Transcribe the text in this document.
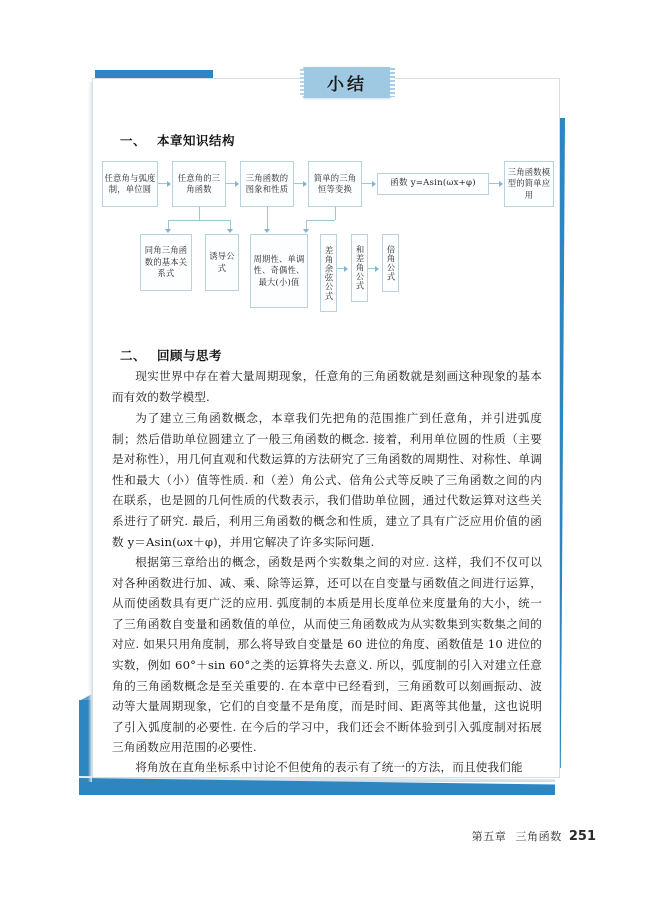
小结
一、 本章知识结构
任意角与弧度制，单位圆
任意角的三角函数
三角函数的图象和性质
简单的三角恒等变换
函数 y=Asin(ωx+φ)
三角函数模型的简单应用
同角三角函数的基本关系式
诱导公式
周期性、单调性、奇偶性、最大(小)值	差角余弦公式	和差角公式	倍角公式
二、 回顾与思考
现实世界中存在着大量周期现象，任意角的三角函数就是刻画这种现象的基本而有效的数学模型.
为了建立三角函数概念，本章我们先把角的范围推广到任意角，并引进弧度制；然后借助单位圆建立了一般三角函数的概念. 接着，利用单位圆的性质（主要是对称性），用几何直观和代数运算的方法研究了三角函数的周期性、对称性、单调性和最大（小）值等性质. 和（差）角公式、倍角公式等反映了三角函数之间的内在联系，也是圆的几何性质的代数表示，我们借助单位圆，通过代数运算对这些关系进行了研究. 最后，利用三角函数的概念和性质，建立了具有广泛应用价值的函数 y＝Asin(ωx＋φ)，并用它解决了许多实际问题.
根据第三章给出的概念，函数是两个实数集之间的对应. 这样，我们不仅可以对各种函数进行加、减、乘、除等运算，还可以在自变量与函数值之间进行运算，从而使函数具有更广泛的应用. 弧度制的本质是用长度单位来度量角的大小，统一了三角函数自变量和函数值的单位，从而使三角函数成为从实数集到实数集之间的对应. 如果只用角度制，那么将导致自变量是 60 进位的角度、函数值是 10 进位的实数，例如 60°＋sin 60°之类的运算将失去意义. 所以，弧度制的引入对建立任意角的三角函数概念是至关重要的. 在本章中已经看到，三角函数可以刻画振动、波动等大量周期现象，它们的自变量不是角度，而是时间、距离等其他量，这也说明了引入弧度制的必要性. 在今后的学习中，我们还会不断体验到引入弧度制对拓展三角函数应用范围的必要性.
将角放在直角坐标系中讨论不但使角的表示有了统一的方法，而且使我们能
第五章 三角函数 251
